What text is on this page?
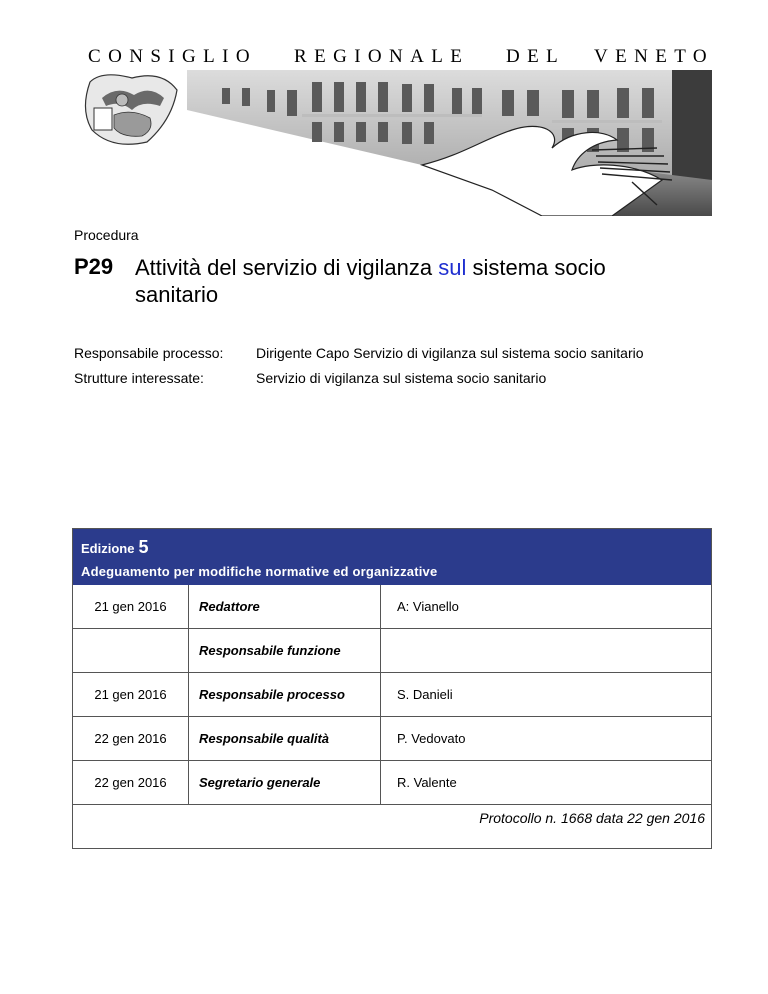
CONSIGLIO REGIONALE DEL VENETO
Procedura
P29 Attività del servizio di vigilanza sul sistema socio sanitario
Responsabile processo: Dirigente Capo Servizio di vigilanza sul sistema socio sanitario
Strutture interessate:	Servizio di vigilanza sul sistema socio sanitario
Edizione 5
Adeguamento per modifiche normative ed organizzative
21 gen 2016	Redattore	A: Vianello
	Responsabile funzione	
21 gen 2016	Responsabile processo	S. Danieli
22 gen 2016	Responsabile qualità	P. Vedovato
22 gen 2016	Segretario generale	R. Valente
Protocollo n. 1668 data 22 gen 2016
